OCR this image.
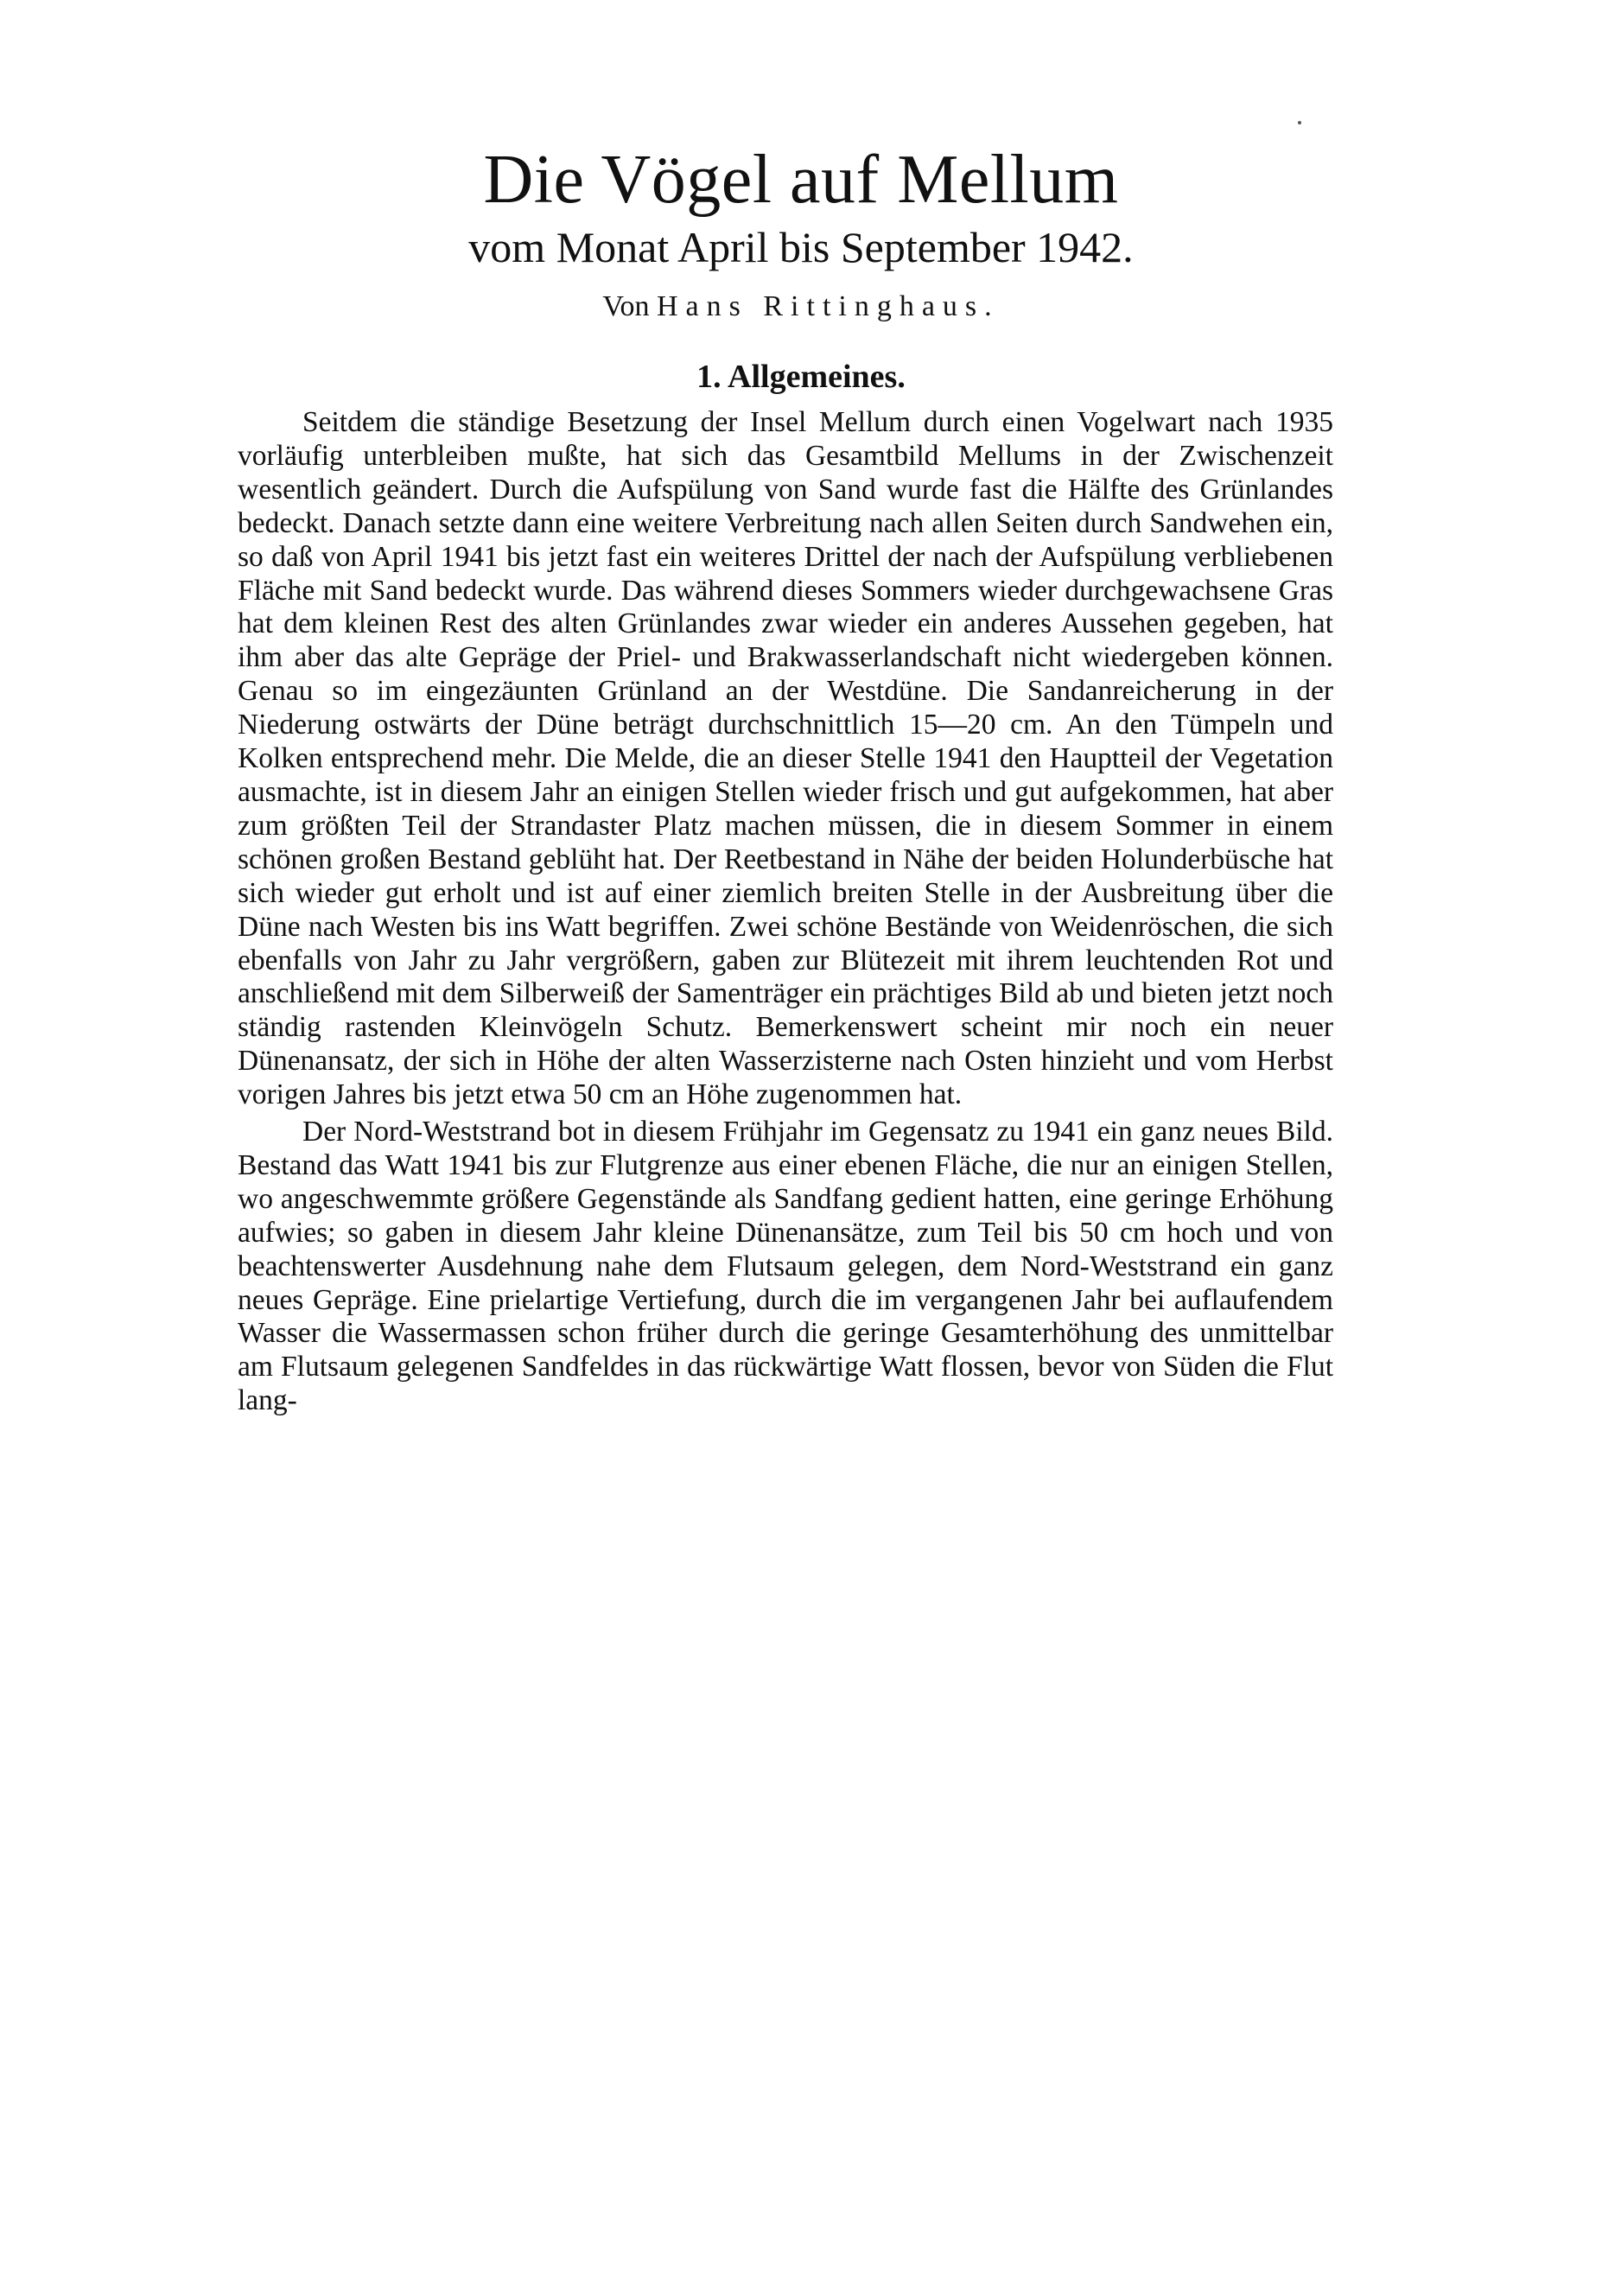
Die Vögel auf Mellum
vom Monat April bis September 1942.
Von Hans Rittinghaus.
1. Allgemeines.

Seitdem die ständige Besetzung der Insel Mellum durch einen Vogelwart nach 1935 vorläufig unterbleiben mußte, hat sich das Gesamtbild Mellums in der Zwischenzeit wesentlich geändert. Durch die Aufspülung von Sand wurde fast die Hälfte des Grünlandes bedeckt. Danach setzte dann eine weitere Verbreitung nach allen Seiten durch Sandwehen ein, so daß von April 1941 bis jetzt fast ein weiteres Drittel der nach der Aufspülung verbliebenen Fläche mit Sand bedeckt wurde. Das während dieses Sommers wieder durchgewachsene Gras hat dem kleinen Rest des alten Grünlandes zwar wieder ein anderes Aussehen gegeben, hat ihm aber das alte Gepräge der Priel- und Brakwasserlandschaft nicht wiedergeben können. Genau so im eingezäunten Grünland an der Westdüne. Die Sandanreicherung in der Niederung ostwärts der Düne beträgt durchschnittlich 15—20 cm. An den Tümpeln und Kolken entsprechend mehr. Die Melde, die an dieser Stelle 1941 den Hauptteil der Vegetation ausmachte, ist in diesem Jahr an einigen Stellen wieder frisch und gut aufgekommen, hat aber zum größten Teil der Strandaster Platz machen müssen, die in diesem Sommer in einem schönen großen Bestand geblüht hat. Der Reetbestand in Nähe der beiden Holunderbüsche hat sich wieder gut erholt und ist auf einer ziemlich breiten Stelle in der Ausbreitung über die Düne nach Westen bis ins Watt begriffen. Zwei schöne Bestände von Weidenröschen, die sich ebenfalls von Jahr zu Jahr vergrößern, gaben zur Blütezeit mit ihrem leuchtenden Rot und anschließend mit dem Silberweiß der Samenträger ein prächtiges Bild ab und bieten jetzt noch ständig rastenden Kleinvögeln Schutz. Bemerkenswert scheint mir noch ein neuer Dünenansatz, der sich in Höhe der alten Wasserzisterne nach Osten hinzieht und vom Herbst vorigen Jahres bis jetzt etwa 50 cm an Höhe zugenommen hat.

Der Nord-Weststrand bot in diesem Frühjahr im Gegensatz zu 1941 ein ganz neues Bild. Bestand das Watt 1941 bis zur Flutgrenze aus einer ebenen Fläche, die nur an einigen Stellen, wo angeschwemmte größere Gegenstände als Sandfang gedient hatten, eine geringe Erhöhung aufwies; so gaben in diesem Jahr kleine Dünenansätze, zum Teil bis 50 cm hoch und von beachtenswerter Ausdehnung nahe dem Flutsaum gelegen, dem Nord-Weststrand ein ganz neues Gepräge. Eine prielartige Vertiefung, durch die im vergangenen Jahr bei auflaufendem Wasser die Wassermassen schon früher durch die geringe Gesamterhöhung des unmittelbar am Flutsaum gelegenen Sandfeldes in das rückwärtige Watt flossen, bevor von Süden die Flut lang-
